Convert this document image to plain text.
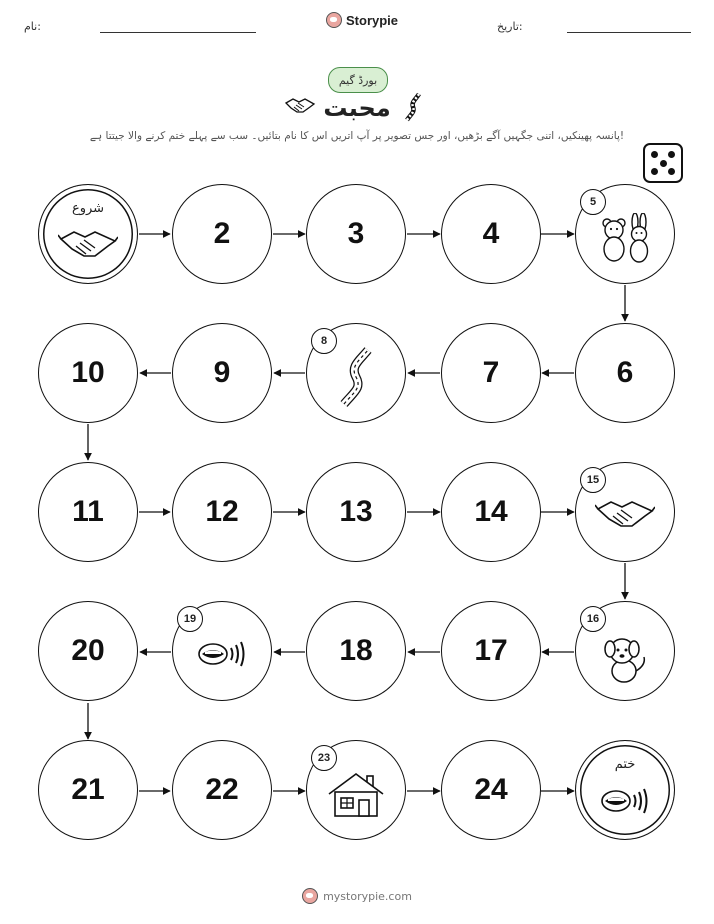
نام:	Storypie	تاریخ:
بورڈ گیم
محبت
پانسہ پھینکیں، اتنی جگہیں آگے بڑھیں، اور جس تصویر پر آپ اتریں اس کا نام بتائیں۔ سب سے پہلے ختم کرنے والا جیتتا ہے!
شروع
2	3	4
5
10	9
8
7	6
11	12	13	14
15
20
19
18	17
16
21	22
23
24
ختم
mystorypie.com
